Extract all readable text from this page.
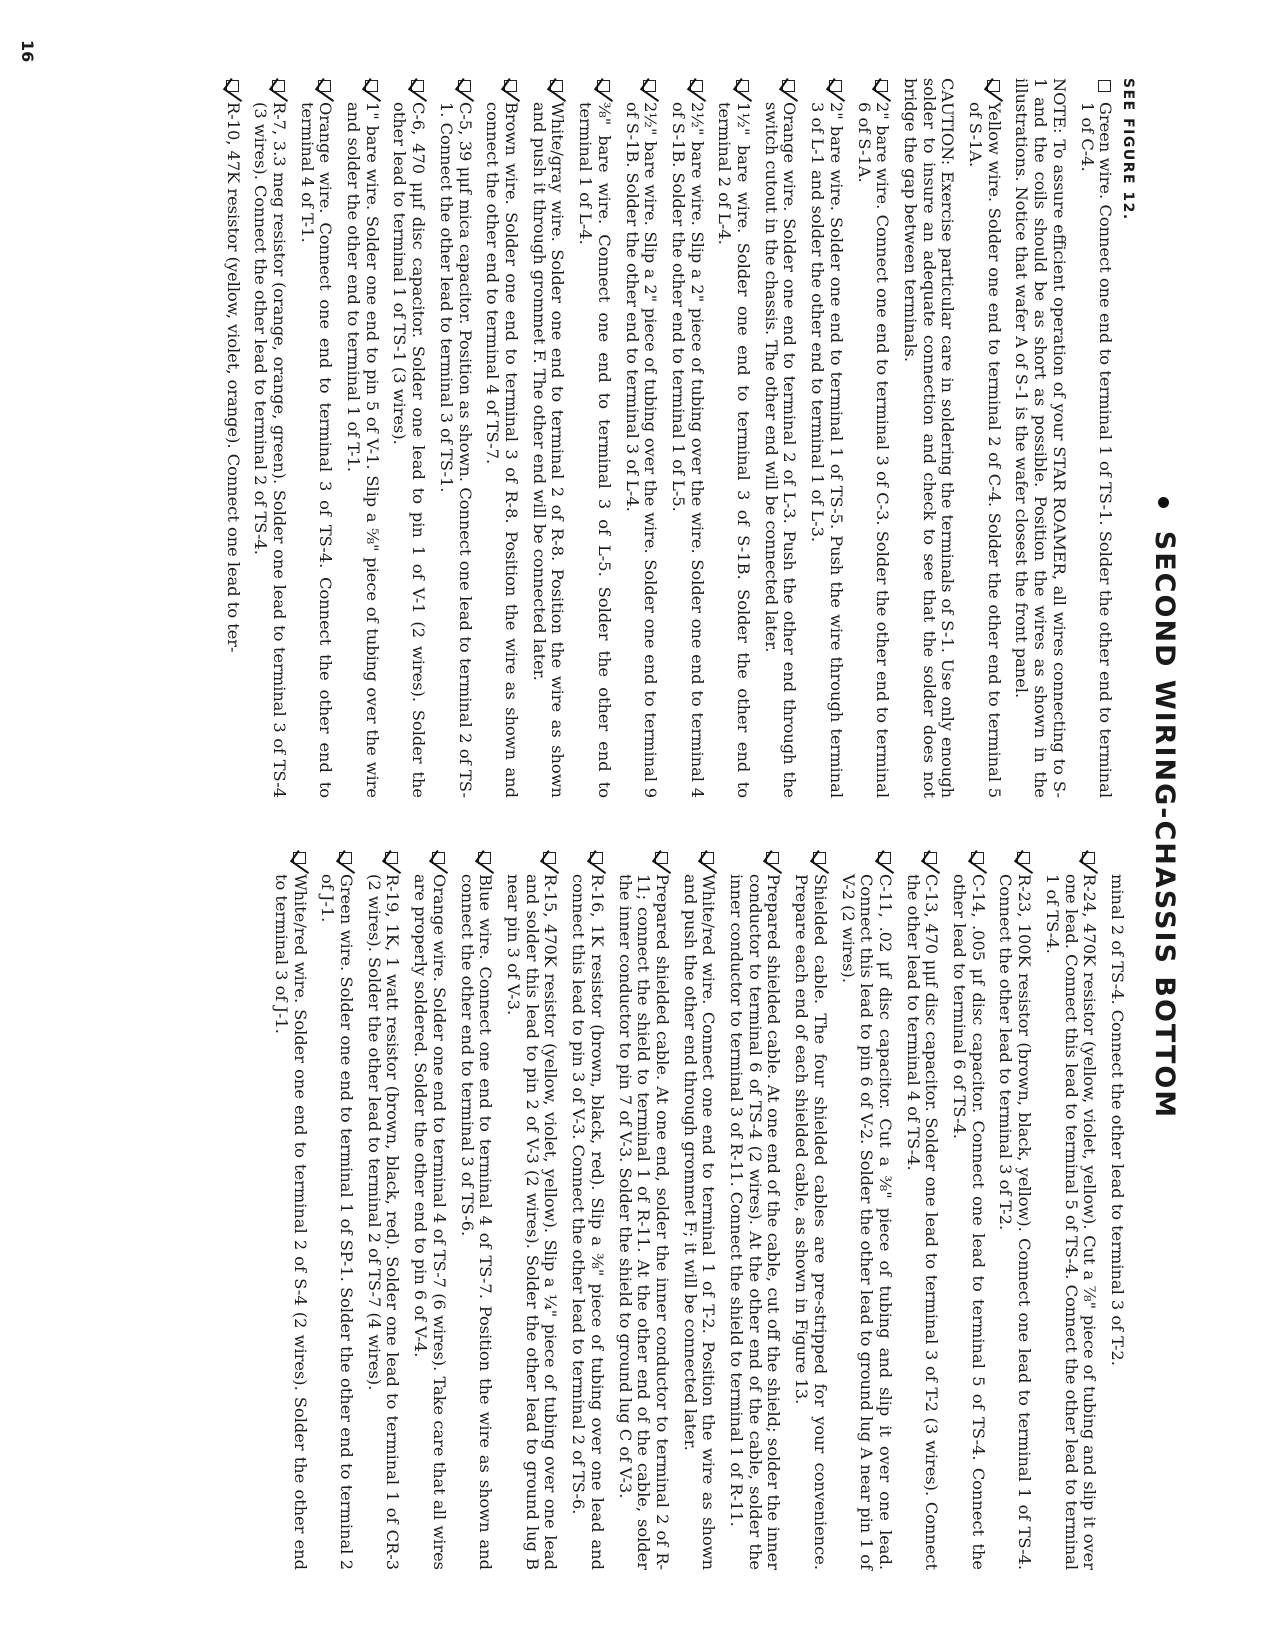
SECOND WIRING-CHASSIS BOTTOM

SEE FIGURE 12.

Green wire. Connect one end to terminal 1 of TS-1. Solder the other end to terminal 1 of C-4.

NOTE: To assure efficient operation of your STAR ROAMER, all wires connecting to S-1 and the coils should be as short as possible. Position the wires as shown in the illustrations. Notice that wafer A of S-1 is the wafer closest the front panel.

Yellow wire. Solder one end to terminal 2 of C-4. Solder the other end to terminal 5 of S-1A.

CAUTION: Exercise particular care in soldering the terminals of S-1. Use only enough solder to insure an adequate connection and check to see that the solder does not bridge the gap between terminals.

2" bare wire. Connect one end to terminal 3 of C-3. Solder the other end to terminal 6 of S-1A.

2" bare wire. Solder one end to terminal 1 of TS-5. Push the wire through terminal 3 of L-1 and solder the other end to terminal 1 of L-3.

Orange wire. Solder one end to terminal 2 of L-3. Push the other end through the switch cutout in the chassis. The other end will be connected later.

1½" bare wire. Solder one end to terminal 3 of S-1B. Solder the other end to terminal 2 of L-4.

2½" bare wire. Slip a 2" piece of tubing over the wire. Solder one end to terminal 4 of S-1B. Solder the other end to terminal 1 of L-5.

2½" bare wire. Slip a 2" piece of tubing over the wire. Solder one end to terminal 9 of S-1B. Solder the other end to terminal 3 of L-4.

⅜" bare wire. Connect one end to terminal 3 of L-5. Solder the other end to terminal 1 of L-4.

White/gray wire. Solder one end to terminal 2 of R-8. Position the wire as shown and push it through grommet F. The other end will be connected later.

Brown wire. Solder one end to terminal 3 of R-8. Position the wire as shown and connect the other end to terminal 4 of TS-7.

C-5, 39 μμf mica capacitor. Position as shown. Connect one lead to terminal 2 of TS-1. Connect the other lead to terminal 3 of TS-1.

C-6, 470 μμf disc capacitor. Solder one lead to pin 1 of V-1 (2 wires). Solder the other lead to terminal 1 of TS-1 (3 wires).

1" bare wire. Solder one end to pin 5 of V-1. Slip a ⅝" piece of tubing over the wire and solder the other end to terminal 1 of T-1.

Orange wire. Connect one end to terminal 3 of TS-4. Connect the other end to terminal 4 of T-1.

R-7, 3.3 meg resistor (orange, orange, green). Solder one lead to terminal 3 of TS-4 (3 wires). Connect the other lead to terminal 2 of TS-4.

R-10, 47K resistor (yellow, violet, orange). Connect one lead to ter-

minal 2 of TS-4. Connect the other lead to terminal 3 of T-2.

R-24, 470K resistor (yellow, violet, yellow). Cut a ⅞" piece of tubing and slip it over one lead. Connect this lead to terminal 5 of TS-4. Connect the other lead to terminal 1 of TS-4.

R-23, 100K resistor (brown, black, yellow). Connect one lead to terminal 1 of TS-4. Connect the other lead to terminal 3 of T-2.

C-14, .005 μf disc capacitor. Connect one lead to terminal 5 of TS-4. Connect the other lead to terminal 6 of TS-4.

C-13, 470 μμf disc capacitor. Solder one lead to terminal 3 of T-2 (3 wires). Connect the other lead to terminal 4 of TS-4.

C-11, .02 μf disc capacitor. Cut a ⅜" piece of tubing and slip it over one lead. Connect this lead to pin 6 of V-2. Solder the other lead to ground lug A near pin 1 of V-2 (2 wires).

Shielded cable. The four shielded cables are pre-stripped for your convenience. Prepare each end of each shielded cable, as shown in Figure 13.

Prepared shielded cable. At one end of the cable, cut off the shield; solder the inner conductor to terminal 6 of TS-4 (2 wires). At the other end of the cable, solder the inner conductor to terminal 3 of R-11. Connect the shield to terminal 1 of R-11.

White/red wire. Connect one end to terminal 1 of T-2. Position the wire as shown and push the other end through grommet F; it will be connected later.

Prepared shielded cable. At one end, solder the inner conductor to terminal 2 of R-11; connect the shield to terminal 1 of R-11. At the other end of the cable, solder the inner conductor to pin 7 of V-3. Solder the shield to ground lug C of V-3.

R-16, 1K resistor (brown, black, red). Slip a ⅜" piece of tubing over one lead and connect this lead to pin 3 of V-3. Connect the other lead to terminal 2 of TS-6.

R-15, 470K resistor (yellow, violet, yellow). Slip a ¼" piece of tubing over one lead and solder this lead to pin 2 of V-3 (2 wires). Solder the other lead to ground lug B near pin 3 of V-3.

Blue wire. Connect one end to terminal 4 of TS-7. Position the wire as shown and connect the other end to terminal 3 of TS-6.

Orange wire. Solder one end to terminal 4 of TS-7 (6 wires). Take care that all wires are properly soldered. Solder the other end to pin 6 of V-4.

R-19, 1K, 1 watt resistor (brown, black, red). Solder one lead to terminal 1 of CR-3 (2 wires). Solder the other lead to terminal 2 of TS-7 (4 wires).

Green wire. Solder one end to terminal 1 of SP-1. Solder the other end to terminal 2 of J-1.

White/red wire. Solder one end to terminal 2 of S-4 (2 wires). Solder the other end to terminal 3 of J-1.

16
